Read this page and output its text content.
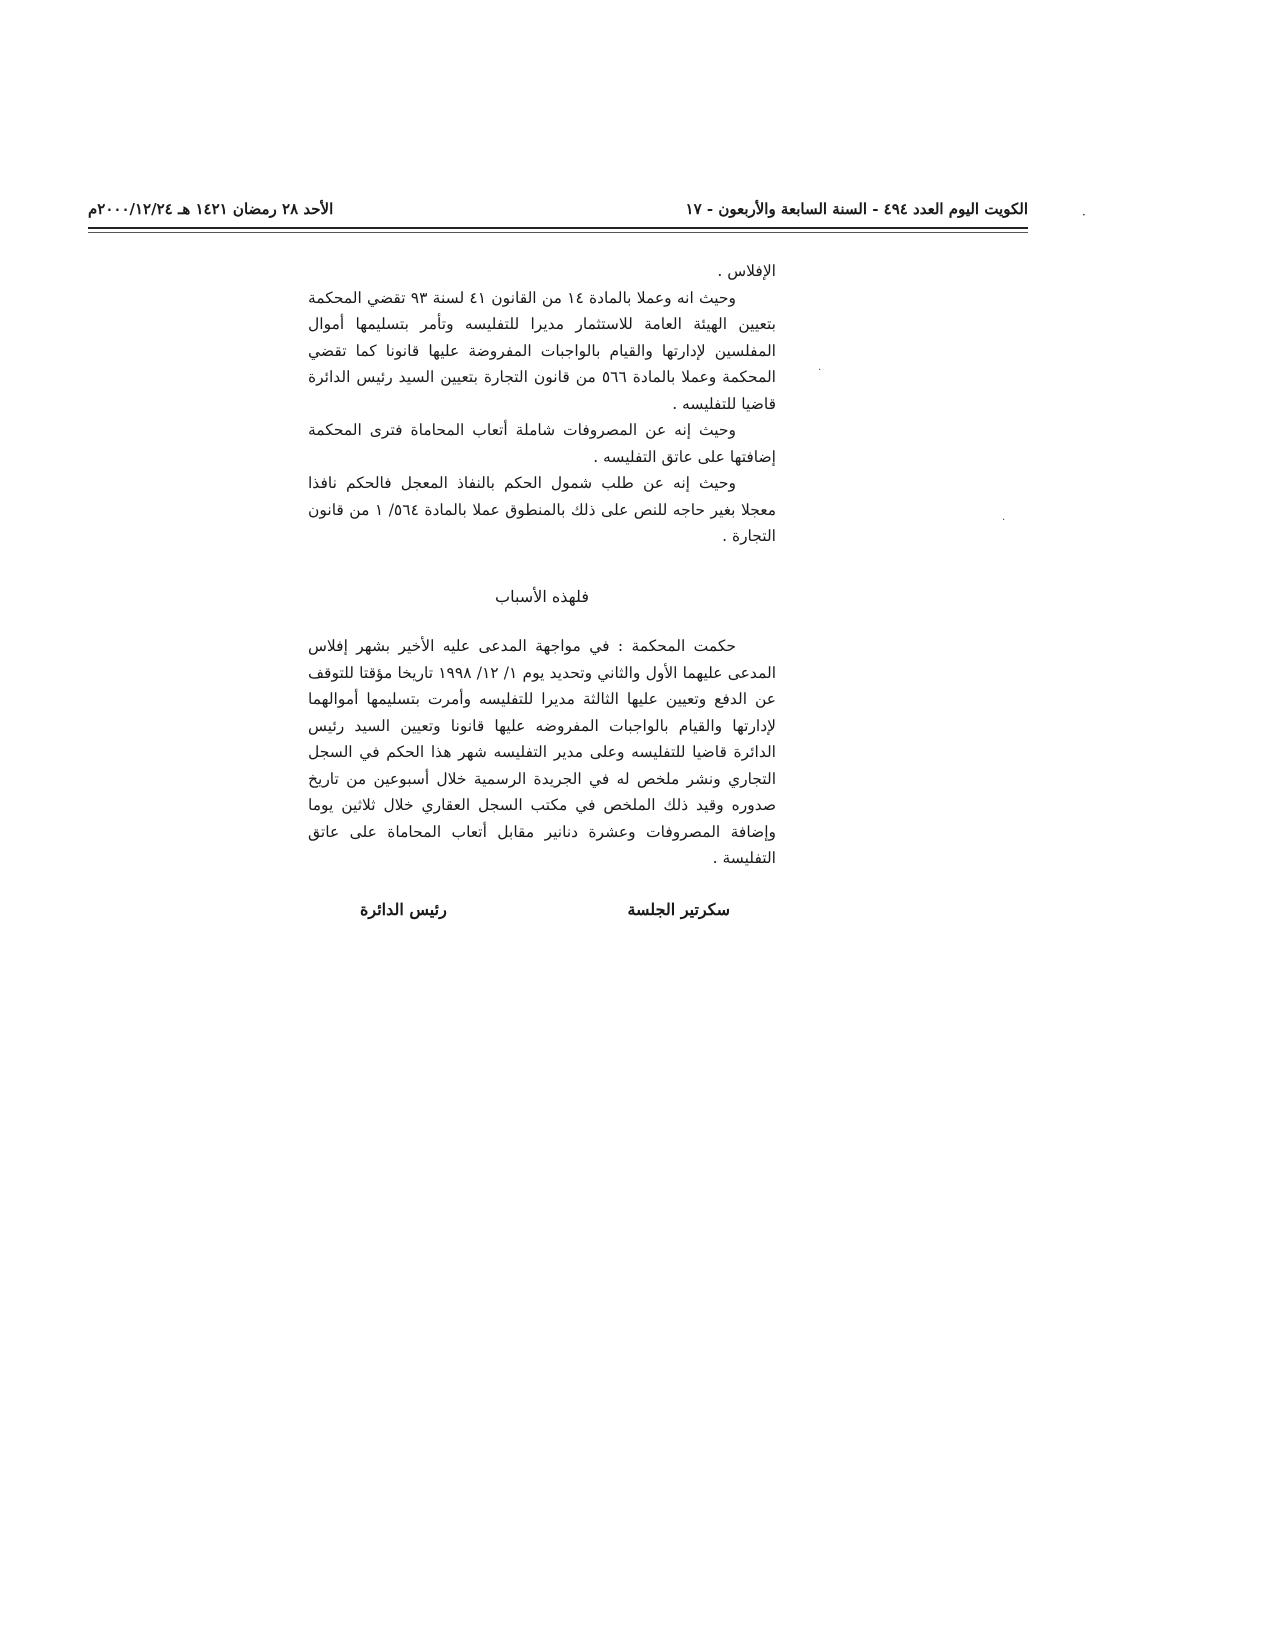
الكويت اليوم العدد ٤٩٤ - السنة السابعة والأربعون - ١٧
الأحد ٢٨ رمضان ١٤٢١ هـ ٢٠٠٠/١٢/٢٤م	·
·
·

الإفلاس .

وحيث انه وعملا بالمادة ١٤ من القانون ٤١ لسنة ٩٣ تقضي المحكمة بتعيين الهيئة العامة للاستثمار مديرا للتفليسه وتأمر بتسليمها أموال المفلسين لإدارتها والقيام بالواجبات المفروضة عليها قانونا كما تقضي المحكمة وعملا بالمادة ٥٦٦ من قانون التجارة بتعيين السيد رئيس الدائرة قاضيا للتفليسه .

وحيث إنه عن المصروفات شاملة أتعاب المحاماة فترى المحكمة إضافتها على عاتق التفليسه .

وحيث إنه عن طلب شمول الحكم بالنفاذ المعجل فالحكم نافذا معجلا بغير حاجه للنص على ذلك بالمنطوق عملا بالمادة ٥٦٤/ ١ من قانون التجارة .

فلهذه الأسباب

حكمت المحكمة : في مواجهة المدعى عليه الأخير بشهر إفلاس المدعى عليهما الأول والثاني وتحديد يوم ١/ ١٢/ ١٩٩٨ تاريخا مؤقتا للتوقف عن الدفع وتعيين عليها الثالثة مديرا للتفليسه وأمرت بتسليمها أموالهما لإدارتها والقيام بالواجبات المفروضه عليها قانونا وتعيين السيد رئيس الدائرة قاضيا للتفليسه وعلى مدير التفليسه شهر هذا الحكم في السجل التجاري ونشر ملخص له في الجريدة الرسمية خلال أسبوعين من تاريخ صدوره وقيد ذلك الملخص في مكتب السجل العقاري خلال ثلاثين يوما وإضافة المصروفات وعشرة دنانير مقابل أتعاب المحاماة على عاتق التفليسة .

سكرتير الجلسة
رئيس الدائرة
